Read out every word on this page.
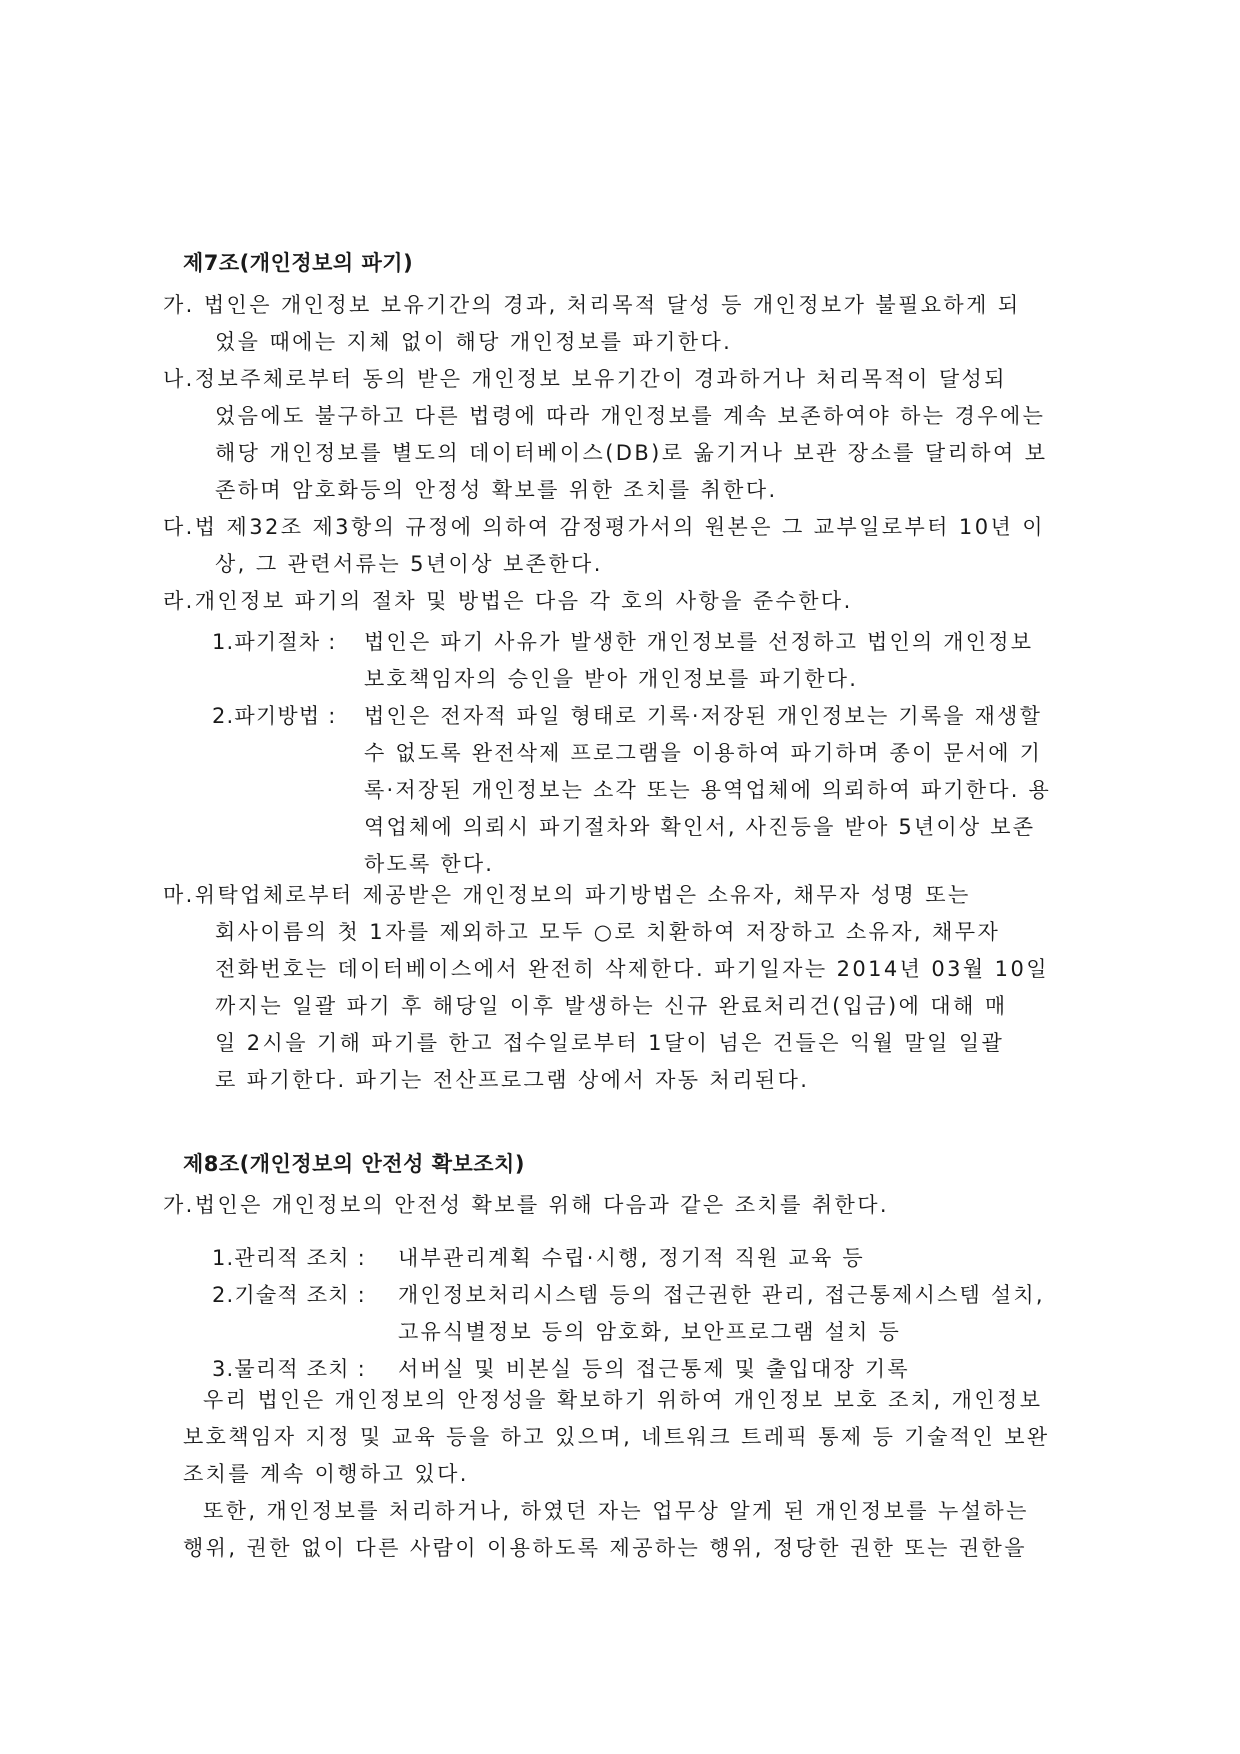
제7조(개인정보의 파기)
가. 법인은 개인정보 보유기간의 경과, 처리목적 달성 등 개인정보가 불필요하게 되
었을 때에는 지체 없이 해당 개인정보를 파기한다.
나.정보주체로부터 동의 받은 개인정보 보유기간이 경과하거나 처리목적이 달성되
었음에도 불구하고 다른 법령에 따라 개인정보를 계속 보존하여야 하는 경우에는
해당 개인정보를 별도의 데이터베이스(DB)로 옮기거나 보관 장소를 달리하여 보
존하며 암호화등의 안정성 확보를 위한 조치를 취한다.
다.법 제32조 제3항의 규정에 의하여 감정평가서의 원본은 그 교부일로부터 10년 이
상, 그 관련서류는 5년이상 보존한다.
라.개인정보 파기의 절차 및 방법은 다음 각 호의 사항을 준수한다.
1.파기절차 : 법인은 파기 사유가 발생한 개인정보를 선정하고 법인의 개인정보
보호책임자의 승인을 받아 개인정보를 파기한다.
2.파기방법 : 법인은 전자적 파일 형태로 기록·저장된 개인정보는 기록을 재생할
수 없도록 완전삭제 프로그램을 이용하여 파기하며 종이 문서에 기
록·저장된 개인정보는 소각 또는 용역업체에 의뢰하여 파기한다. 용
역업체에 의뢰시 파기절차와 확인서, 사진등을 받아 5년이상 보존
하도록 한다.
마.위탁업체로부터 제공받은 개인정보의 파기방법은 소유자, 채무자 성명 또는
회사이름의 첫 1자를 제외하고 모두 ○로 치환하여 저장하고 소유자, 채무자
전화번호는 데이터베이스에서 완전히 삭제한다. 파기일자는 2014년 03월 10일
까지는 일괄 파기 후 해당일 이후 발생하는 신규 완료처리건(입금)에 대해 매
일 2시을 기해 파기를 한고 접수일로부터 1달이 넘은 건들은 익월 말일 일괄
로 파기한다. 파기는 전산프로그램 상에서 자동 처리된다.
제8조(개인정보의 안전성 확보조치)
가.법인은 개인정보의 안전성 확보를 위해 다음과 같은 조치를 취한다.
1.관리적 조치 : 내부관리계획 수립·시행, 정기적 직원 교육 등
2.기술적 조치 : 개인정보처리시스템 등의 접근권한 관리, 접근통제시스템 설치,
고유식별정보 등의 암호화, 보안프로그램 설치 등
3.물리적 조치 : 서버실 및 비본실 등의 접근통제 및 출입대장 기록
우리 법인은 개인정보의 안정성을 확보하기 위하여 개인정보 보호 조치, 개인정보
보호책임자 지정 및 교육 등을 하고 있으며, 네트워크 트레픽 통제 등 기술적인 보완
조치를 계속 이행하고 있다.
또한, 개인정보를 처리하거나, 하였던 자는 업무상 알게 된 개인정보를 누설하는
행위, 권한 없이 다른 사람이 이용하도록 제공하는 행위, 정당한 권한 또는 권한을
